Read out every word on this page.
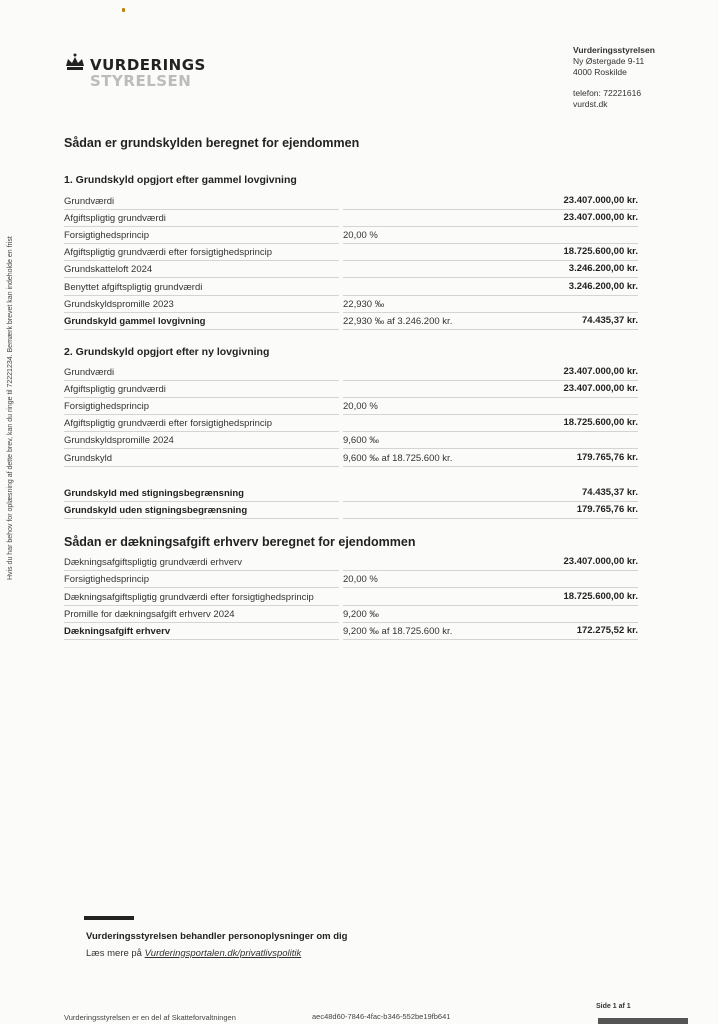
VURDERINGS
STYRELSEN
Vurderingsstyrelsen
Ny Østergade 9-11
4000 Roskilde
telefon: 72221616
vurdst.dk
Hvis du har behov for oplæsning af dette brev, kan du ringe til 72221234. Bemærk brevet kan indeholde en frist
Sådan er grundskylden beregnet for ejendommen
1. Grundskyld opgjort efter gammel lovgivning
Grundværdi	23.407.000,00 kr.
Afgiftspligtig grundværdi	23.407.000,00 kr.
Forsigtighedsprincip	20,00 %
Afgiftspligtig grundværdi efter forsigtighedsprincip	18.725.600,00 kr.
Grundskatteloft 2024	3.246.200,00 kr.
Benyttet afgiftspligtig grundværdi	3.246.200,00 kr.
Grundskyldspromille 2023	22,930 ‰
Grundskyld gammel lovgivning	22,930 ‰ af 3.246.200 kr.	74.435,37 kr.
2. Grundskyld opgjort efter ny lovgivning
Grundværdi	23.407.000,00 kr.
Afgiftspligtig grundværdi	23.407.000,00 kr.
Forsigtighedsprincip	20,00 %
Afgiftspligtig grundværdi efter forsigtighedsprincip	18.725.600,00 kr.
Grundskyldspromille 2024	9,600 ‰
Grundskyld	9,600 ‰ af 18.725.600 kr.	179.765,76 kr.
Grundskyld med stigningsbegrænsning	74.435,37 kr.
Grundskyld uden stigningsbegrænsning	179.765,76 kr.
Sådan er dækningsafgift erhverv beregnet for ejendommen
Dækningsafgiftspligtig grundværdi erhverv	23.407.000,00 kr.
Forsigtighedsprincip	20,00 %
Dækningsafgiftspligtig grundværdi efter forsigtighedsprincip	18.725.600,00 kr.
Promille for dækningsafgift erhverv 2024	9,200 ‰
Dækningsafgift erhverv	9,200 ‰ af 18.725.600 kr.	172.275,52 kr.
Vurderingsstyrelsen behandler personoplysninger om dig
Læs mere på Vurderingsportalen.dk/privatlivspolitik
Vurderingsstyrelsen er en del af Skatteforvaltningen	aec48d60-7846-4fac-b346-552be19fb641
Side 1 af 1
